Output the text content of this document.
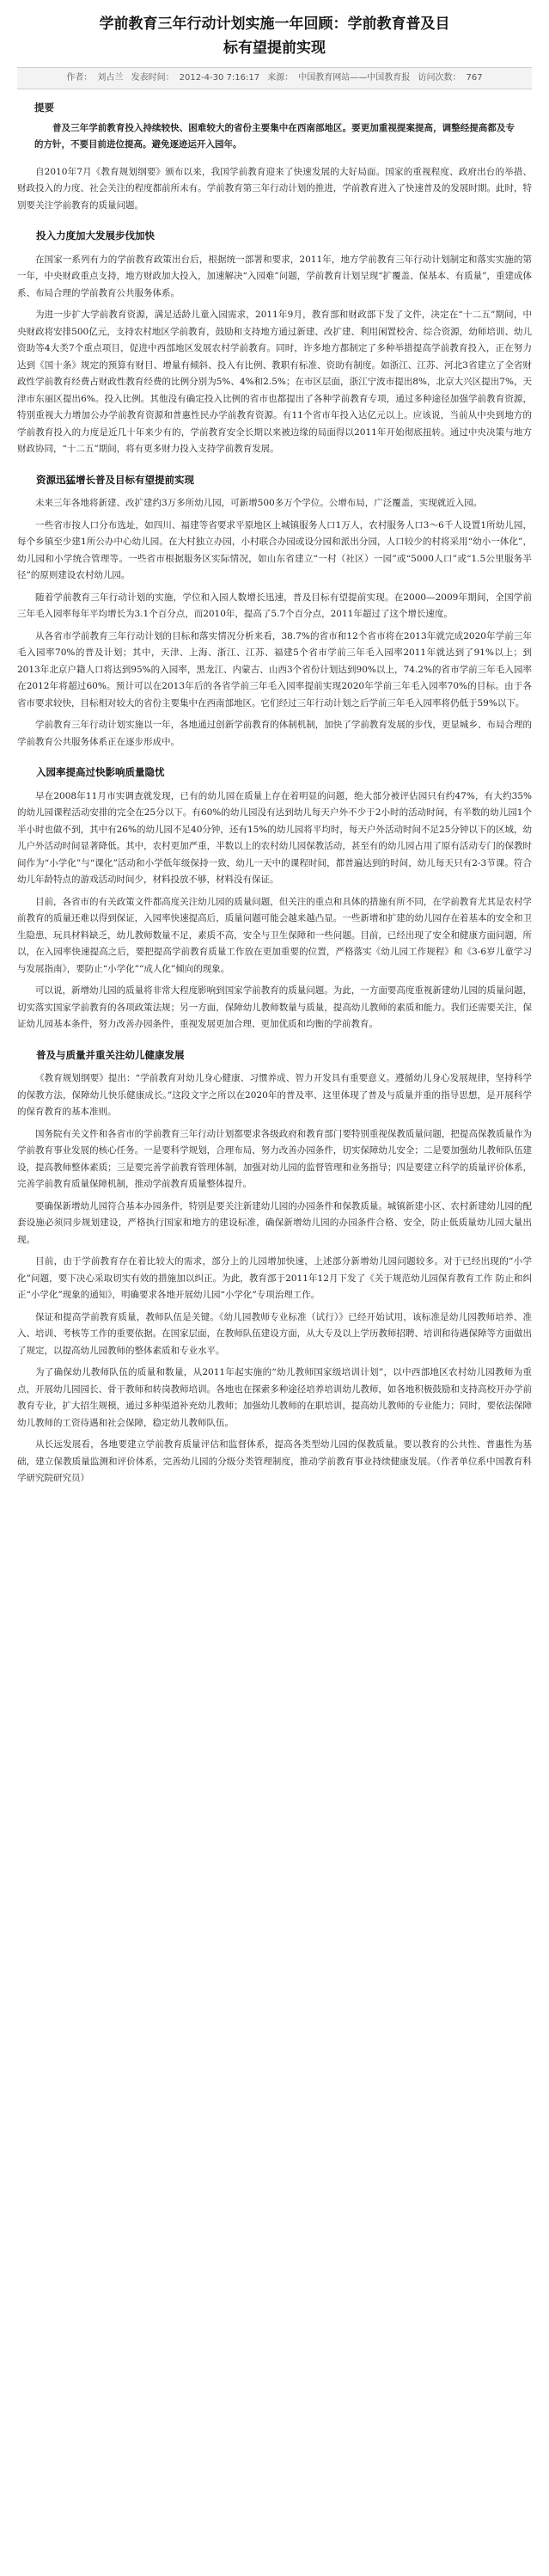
学前教育三年行动计划实施一年回顾：学前教育普及目
标有望提前实现
作者： 刘占兰 发表时间： 2012-4-30 7:16:17 来源： 中国教育网站——中国教育报 访问次数： 767
提要

普及三年学前教育投入持续较快、困难较大的省份主要集中在西南部地区。要更加重视提案提高，调整经提高都及专的方针，不要目前进位提高。避免逐迹运开入园年。

自2010年7月《教育规划纲要》颁布以来，我国学前教育迎来了快速发展的大好局面。国家的重视程度、政府出台的举措、财政投入的力度、社会关注的程度都前所未有。学前教育第三年行动计划的推进，学前教育进入了快速普及的发展时期。此时，特别要关注学前教育的质量问题。

投入力度加大发展步伐加快

在国家一系列有力的学前教育政策出台后，根据统一部署和要求，2011年，地方学前教育三年行动计划制定和落实实施的第一年，中央财政重点支持，地方财政加大投入，加速解决“入园难”问题，学前教育计划呈现“扩覆盖、保基本、有质量”，重建成体系、布局合理的学前教育公共服务体系。

为进一步扩大学前教育资源，满足适龄儿童入园需求，2011年9月，教育部和财政部下发了文件，决定在“十二五”期间，中央财政将安排500亿元，支持农村地区学前教育，鼓励和支持地方通过新建、改扩建、利用闲置校舍、综合资源，幼师培训、幼儿资助等4大类7个重点项目，促进中西部地区发展农村学前教育。同时，许多地方都制定了多种举措提高学前教育投入，正在努力达到《国十条》规定的预算有财目、增量有倾斜、投入有比例、教职有标准、资助有制度。如浙江、江苏、河北3省建立了全省财政性学前教育经费占财政性教育经费的比例分别为5%、4%和2.5%；在市区层面，浙江宁波市提出8%，北京大兴区提出7%，天津市东丽区提出6%。投入比例。其他没有确定投入比例的省市也都提出了各种学前教育专项，通过多种途径加强学前教育资源，特别重视大力增加公办学前教育资源和普惠性民办学前教育资源。有11个省市年投入达亿元以上。应该说，当前从中央到地方的学前教育投入的力度是近几十年来少有的，学前教育安全长期以来被边缘的局面得以2011年开始彻底扭转。通过中央决策与地方财政协同，“十二五”期间，将有更多财力投入支持学前教育发展。

资源迅猛增长普及目标有望提前实现

未来三年各地将新建、改扩建约3万多所幼儿园，可新增500多万个学位。公增布局，广泛覆盖，实现就近入园。

一些省市按人口分布选址，如四川、福建等省要求平原地区上城镇服务人口1万人，农村服务人口3～6千人设置1所幼儿园，每个乡镇至少建1所公办中心幼儿园。在大村独立办园，小村联合办园或设分园和派出分园，人口较少的村将采用“幼小一体化”，幼儿园和小学统合管理等。一些省市根据服务区实际情况，如山东省建立“一村（社区）一园”或“5000人口”或“1.5公里服务半径”的原则建设农村幼儿园。

随着学前教育三年行动计划的实施，学位和入园人数增长迅速，普及目标有望提前实现。在2000—2009年期间，全国学前三年毛入园率每年平均增长为3.1个百分点，而2010年，提高了5.7个百分点，2011年超过了这个增长速度。

从各省市学前教育三年行动计划的目标和落实情况分析来看，38.7%的省市和12个省市将在2013年就完成2020年学前三年毛入园率70%的普及计划；其中，天津、上海、浙江、江苏、福建5个省市学前三年毛入园率2011年就达到了91%以上；到2013年北京户籍人口将达到95%的入园率，黑龙江、内蒙古、山西3个省份计划达到90%以上，74.2%的省市学前三年毛入园率在2012年将超过60%。预计可以在2013年后的各省学前三年毛入园率提前实现2020年学前三年毛入园率70%的目标。由于各省市要求较快，目标相对较大的省份主要集中在西南部地区。它们经过三年行动计划之后学前三年毛入园率将仍低于59%以下。

学前教育三年行动计划实施以一年，各地通过创新学前教育的体制机制，加快了学前教育发展的步伐，更显城乡、布局合理的学前教育公共服务体系正在逐步形成中。

入园率提高过快影响质量隐忧

早在2008年11月市实调查就发现，已有的幼儿园在质量上存在着明显的问题，绝大部分被评估园只有约47%，有大约35%的幼儿园课程活动安排的完全在25分以下。有60%的幼儿园没有达到幼儿每天户外不少于2小时的活动时间，有半数的幼儿园1个半小时也做不到，其中有26%的幼儿园不足40分钟，还有15%的幼儿园将平均时，每天户外活动时间不足25分钟以下的区域，幼儿户外活动时间显著降低。其中，农村更加严重，半数以上的农村幼儿园保教活动，甚至有的幼儿园占用了原有活动专门的保教时间作为“小学化”与“课化”活动和小学低年级保持一致，幼儿一天中的课程时间，都普遍达到的时间，幼儿每天只有2-3节课。符合幼儿年龄特点的游戏活动时间少，材料投放不够，材料没有保证。

目前，各省市的有关政策文件都高度关注幼儿园的质量问题，但关注的重点和具体的措施有所不同，在学前教育尤其是农村学前教育的质量还难以得到保证，入园率快速提高后，质量问题可能会越来越凸显。一些新增和扩建的幼儿园存在着基本的安全和卫生隐患，玩具材料缺乏，幼儿教师数量不足，素质不高，安全与卫生保障和一些问题。目前，已经出现了安全和健康方面问题，所以，在入园率快速提高之后，要把提高学前教育质量工作放在更加重要的位置，严格落实《幼儿园工作规程》和《3-6岁儿童学习与发展指南》，要防止“小学化”“成人化”倾向的现象。

可以说，新增幼儿园的质量将非常大程度影响到国家学前教育的质量问题。为此，一方面要高度重视新建幼儿园的质量问题，切实落实国家学前教育的各项政策法规；另一方面，保障幼儿教师数量与质量，提高幼儿教师的素质和能力。我们还需要关注，保证幼儿园基本条件，努力改善办园条件，重视发展更加合理、更加优质和均衡的学前教育。

普及与质量并重关注幼儿健康发展

《教育规划纲要》提出：“学前教育对幼儿身心健康、习惯养成、智力开发具有重要意义。遵循幼儿身心发展规律，坚持科学的保教方法，保障幼儿快乐健康成长。”这段文字之所以在2020年的普及率、这里体现了普及与质量并重的指导思想，是开展科学的保育教育的基本准则。

国务院有关文件和各省市的学前教育三年行动计划都要求各级政府和教育部门要特别重视保教质量问题，把提高保教质量作为学前教育事业发展的核心任务。一是要科学规划，合理布局，努力改善办园条件，切实保障幼儿安全；二是要加强幼儿教师队伍建设，提高教师整体素质；三是要完善学前教育管理体制，加强对幼儿园的监督管理和业务指导；四是要建立科学的质量评价体系，完善学前教育质量保障机制，推动学前教育质量整体提升。

要确保新增幼儿园符合基本办园条件，特别是要关注新建幼儿园的办园条件和保教质量。城镇新建小区、农村新建幼儿园的配套设施必须同步规划建设，严格执行国家和地方的建设标准，确保新增幼儿园的办园条件合格、安全，防止低质量幼儿园大量出现。

目前，由于学前教育存在着比较大的需求，部分上的儿园增加快速，上述部分新增幼儿园问题较多。对于已经出现的“小学化”问题，要下决心采取切实有效的措施加以纠正。为此，教育部于2011年12月下发了《关于规范幼儿园保育教育工作 防止和纠正“小学化”现象的通知》，明确要求各地开展幼儿园“小学化”专项治理工作。

保证和提高学前教育质量，教师队伍是关键。《幼儿园教师专业标准（试行）》已经开始试用，该标准是幼儿园教师培养、准入、培训、考核等工作的重要依据。在国家层面，在教师队伍建设方面，从大专及以上学历教师招聘、培训和待遇保障等方面做出了规定，以提高幼儿园教师的整体素质和专业水平。

为了确保幼儿教师队伍的质量和数量，从2011年起实施的“幼儿教师国家级培训计划”，以中西部地区农村幼儿园教师为重点，开展幼儿园园长、骨干教师和转岗教师培训。各地也在探索多种途径培养培训幼儿教师，如各地积极鼓励和支持高校开办学前教育专业，扩大招生规模，通过多种渠道补充幼儿教师；加强幼儿教师的在职培训，提高幼儿教师的专业能力；同时，要依法保障幼儿教师的工资待遇和社会保障，稳定幼儿教师队伍。

从长远发展看，各地要建立学前教育质量评估和监督体系，提高各类型幼儿园的保教质量。要以教育的公共性、普惠性为基础，建立保教质量监测和评价体系，完善幼儿园的分级分类管理制度，推动学前教育事业持续健康发展。（作者单位系中国教育科学研究院研究员）
